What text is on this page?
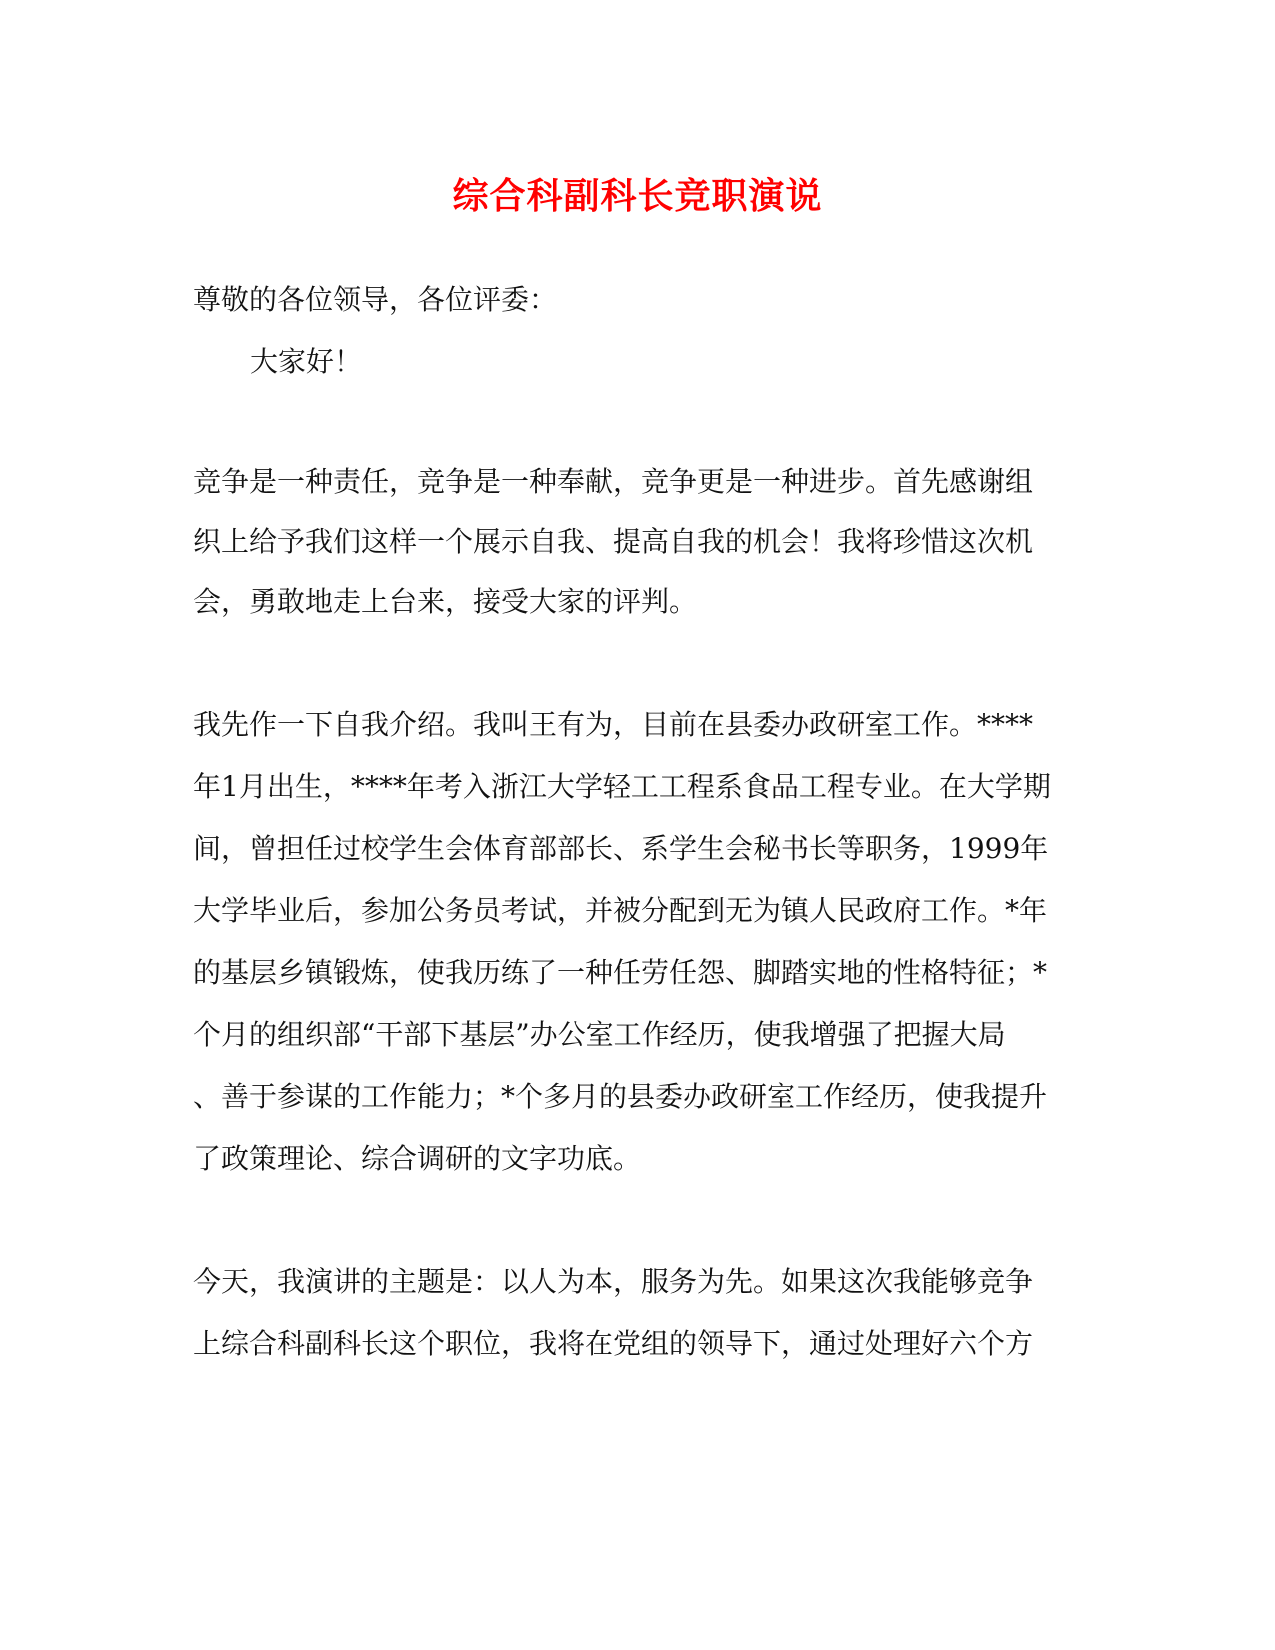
综合科副科长竞职演说
尊敬的各位领导，各位评委：
大家好！
竞争是一种责任，竞争是一种奉献，竞争更是一种进步。首先感谢组
织上给予我们这样一个展示自我、提高自我的机会！我将珍惜这次机
会，勇敢地走上台来，接受大家的评判。
我先作一下自我介绍。我叫王有为，目前在县委办政研室工作。****
年1月出生，****年考入浙江大学轻工工程系食品工程专业。在大学期
间，曾担任过校学生会体育部部长、系学生会秘书长等职务，1999年
大学毕业后，参加公务员考试，并被分配到无为镇人民政府工作。*年
的基层乡镇锻炼，使我历练了一种任劳任怨、脚踏实地的性格特征；*
个月的组织部“干部下基层”办公室工作经历，使我增强了把握大局
、善于参谋的工作能力；*个多月的县委办政研室工作经历，使我提升
了政策理论、综合调研的文字功底。
今天，我演讲的主题是：以人为本，服务为先。如果这次我能够竞争
上综合科副科长这个职位，我将在党组的领导下，通过处理好六个方
